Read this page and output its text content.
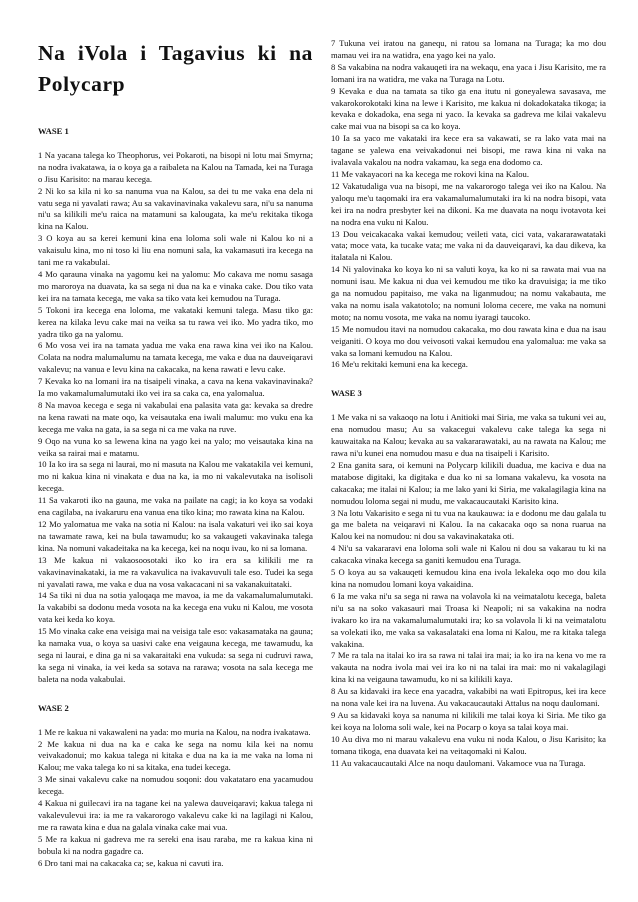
Na iVola i Tagavius ki na Polycarp
WASE 1

1 Na yacana talega ko Theophorus, vei Pokaroti, na bisopi ni lotu mai Smyrna; na nodra ivakatawa, ia o koya ga a raibaleta na Kalou na Tamada, kei na Turaga o Jisu Karisito: na marau kecega.

2 Ni ko sa kila ni ko sa nanuma vua na Kalou, sa dei tu me vaka ena dela ni vatu sega ni yavalati rawa; Au sa vakavinavinaka vakalevu sara, ni'u sa nanuma ni'u sa kilikili me'u raica na matamuni sa kalougata, ka me'u rekitaka tikoga kina na Kalou.

3 O koya au sa kerei kemuni kina ena loloma soli wale ni Kalou ko ni a vakaisulu kina, mo ni toso ki liu ena nomuni sala, ka vakamasuti ira kecega na tani me ra vakabulai.

4 Mo qarauna vinaka na yagomu kei na yalomu: Mo cakava me nomu sasaga mo maroroya na duavata, ka sa sega ni dua na ka e vinaka cake. Dou tiko vata kei ira na tamata kecega, me vaka sa tiko vata kei kemudou na Turaga.

5 Tokoni ira kecega ena loloma, me vakataki kemuni talega. Masu tiko ga: kerea na kilaka levu cake mai na veika sa tu rawa vei iko. Mo yadra tiko, mo yadra tiko ga na yalomu.

6 Mo vosa vei ira na tamata yadua me vaka ena rawa kina vei iko na Kalou. Colata na nodra malumalumu na tamata kecega, me vaka e dua na dauveiqaravi vakalevu; na vanua e levu kina na cakacaka, na kena rawati e levu cake.

7 Kevaka ko na lomani ira na tisaipeli vinaka, a cava na kena vakavinavinaka? Ia mo vakamalumalumutaki iko vei ira sa caka ca, ena yalomalua.

8 Na mavoa kecega e sega ni vakabulai ena palasita vata ga: kevaka sa dredre na kena rawati na mate oqo, ka veisautaka ena iwali malumu: mo vuku ena ka kecega me vaka na gata, ia sa sega ni ca me vaka na ruve.

9 Oqo na vuna ko sa lewena kina na yago kei na yalo; mo veisautaka kina na veika sa rairai mai e matamu.

10 Ia ko ira sa sega ni laurai, mo ni masuta na Kalou me vakatakila vei kemuni, mo ni kakua kina ni vinakata e dua na ka, ia mo ni vakalevutaka na isolisoli kecega.

11 Sa vakaroti iko na gauna, me vaka na pailate na cagi; ia ko koya sa vodaki ena cagilaba, na ivakaruru ena vanua ena tiko kina; mo rawata kina na Kalou.

12 Mo yalomatua me vaka na sotia ni Kalou: na isala vakaturi vei iko sai koya na tawamate rawa, kei na bula tawamudu; ko sa vakaugeti vakavinaka talega kina. Na nomuni vakadeitaka na ka kecega, kei na noqu ivau, ko ni sa lomana.

13 Me kakua ni vakaosoosotaki iko ko ira era sa kilikili me ra vakavinavinakataki, ia me ra vakavulica na ivakavuvuli tale eso. Tudei ka sega ni yavalati rawa, me vaka e dua na vosa vakacacani ni sa vakanakuitataki.

14 Sa tiki ni dua na sotia yaloqaqa me mavoa, ia me da vakamalumalumutaki. Ia vakabibi sa dodonu meda vosota na ka kecega ena vuku ni Kalou, me vosota vata kei keda ko koya.

15 Mo vinaka cake ena veisiga mai na veisiga tale eso: vakasamataka na gauna; ka namaka vua, o koya sa uasivi cake ena veigauna kecega, me tawamudu, ka sega ni laurai, e dina ga ni sa vakaraitaki ena vukuda: sa sega ni cudruvi rawa, ka sega ni vinaka, ia vei keda sa sotava na rarawa; vosota na sala kecega me baleta na noda vakabulai.

WASE 2

1 Me re kakua ni vakawaleni na yada: mo muria na Kalou, na nodra ivakatawa.

2 Me kakua ni dua na ka e caka ke sega na nomu kila kei na nomu veivakadonui; mo kakua talega ni kitaka e dua na ka ia me vaka na loma ni Kalou; me vaka talega ko ni sa kitaka, ena tudei kecega.

3 Me sinai vakalevu cake na nomudou soqoni: dou vakatataro ena yacamudou kecega.

4 Kakua ni guilecavi ira na tagane kei na yalewa dauveiqaravi; kakua talega ni vakalevulevui ira: ia me ra vakarorogo vakalevu cake ki na lagilagi ni Kalou, me ra rawata kina e dua na galala vinaka cake mai vua.

5 Me ra kakua ni gadreva me ra sereki ena isau raraba, me ra kakua kina ni bobula ki na nodra gagadre ca.

6 Dro tani mai na cakacaka ca; se, kakua ni cavuti ira.

7 Tukuna vei iratou na ganequ, ni ratou sa lomana na Turaga; ka mo dou mamau vei ira na watidra, ena yago kei na yalo.

8 Sa vakabina na nodra vakauqeti ira na wekaqu, ena yaca i Jisu Karisito, me ra lomani ira na watidra, me vaka na Turaga na Lotu.

9 Kevaka e dua na tamata sa tiko ga ena itutu ni goneyalewa savasava, me vakarokorokotaki kina na lewe i Karisito, me kakua ni dokadokataka tikoga; ia kevaka e dokadoka, ena sega ni yaco. Ia kevaka sa gadreva me kilai vakalevu cake mai vua na bisopi sa ca ko koya.

10 Ia sa yaco me vakataki ira kece era sa vakawati, se ra lako vata mai na tagane se yalewa ena veivakadonui nei bisopi, me rawa kina ni vaka na ivalavala vakalou na nodra vakamau, ka sega ena dodomo ca.

11 Me vakayacori na ka kecega me rokovi kina na Kalou.

12 Vakatudaliga vua na bisopi, me na vakarorogo talega vei iko na Kalou. Na yaloqu me'u taqomaki ira era vakamalumalumutaki ira ki na nodra bisopi, vata kei ira na nodra presbyter kei na dikoni. Ka me duavata na noqu ivotavota kei na nodra ena vuku ni Kalou.

13 Dou veicakacaka vakai kemudou; veileti vata, cici vata, vakararawatataki vata; moce vata, ka tucake vata; me vaka ni da dauveiqaravi, ka dau dikeva, ka italatala ni Kalou.

14 Ni yalovinaka ko koya ko ni sa valuti koya, ka ko ni sa rawata mai vua na nomuni isau. Me kakua ni dua vei kemudou me tiko ka dravuisiga; ia me tiko ga na nomudou papitaiso, me vaka na liganmudou; na nomu vakabauta, me vaka na nomu isala vakatotolo; na nomuni loloma cecere, me vaka na nomuni moto; na nomu vosota, me vaka na nomu iyaragi taucoko.

15 Me nomudou itavi na nomudou cakacaka, mo dou rawata kina e dua na isau veiganiti. O koya mo dou veivosoti vakai kemudou ena yalomalua: me vaka sa vaka sa lomani kemudou na Kalou.

16 Me'u rekitaki kemuni ena ka kecega.

WASE 3

1 Me vaka ni sa vakaoqo na lotu i Anitioki mai Siria, me vaka sa tukuni vei au, ena nomudou masu; Au sa vakacegui vakalevu cake talega ka sega ni kauwaitaka na Kalou; kevaka au sa vakararawataki, au na rawata na Kalou; me rawa ni'u kunei ena nomudou masu e dua na tisaipeli i Karisito.

2 Ena ganita sara, oi kemuni na Polycarp kilikili duadua, me kaciva e dua na matabose digitaki, ka digitaka e dua ko ni sa lomana vakalevu, ka vosota na cakacaka; me italai ni Kalou; ia me lako yani ki Siria, me vakalagilagia kina na nomudou loloma segai ni mudu, me vakacaucautaki Karisito kina.

3 Na lotu Vakarisito e sega ni tu vua na kaukauwa: ia e dodonu me dau galala tu ga me baleta na veiqaravi ni Kalou. Ia na cakacaka oqo sa nona ruarua na Kalou kei na nomudou: ni dou sa vakavinakataka oti.

4 Ni'u sa vakararavi ena loloma soli wale ni Kalou ni dou sa vakarau tu ki na cakacaka vinaka kecega sa ganiti kemudou ena Turaga.

5 O koya au sa vakauqeti kemudou kina ena ivola lekaleka oqo mo dou kila kina na nomudou lomani koya vakaidina.

6 Ia me vaka ni'u sa sega ni rawa na volavola ki na veimatalotu kecega, baleta ni'u sa na soko vakasauri mai Troasa ki Neapoli; ni sa vakakina na nodra ivakaro ko ira na vakamalumalumutaki ira; ko sa volavola li ki na veimatalotu sa volekati iko, me vaka sa vakasalataki ena loma ni Kalou, me ra kitaka talega vakakina.

7 Me ra tala na italai ko ira sa rawa ni talai ira mai; ia ko ira na kena vo me ra vakauta na nodra ivola mai vei ira ko ni na talai ira mai: mo ni vakalagilagi kina ki na veigauna tawamudu, ko ni sa kilikili kaya.

8 Au sa kidavaki ira kece ena yacadra, vakabibi na wati Epitropus, kei ira kece na nona vale kei ira na luvena. Au vakacaucautaki Attalus na noqu daulomani.

9 Au sa kidavaki koya sa nanuma ni kilikili me talai koya ki Siria. Me tiko ga kei koya na loloma soli wale, kei na Pocarp o koya sa talai koya mai.

10 Au diva mo ni marau vakalevu ena vuku ni noda Kalou, o Jisu Karisito; ka tomana tikoga, ena duavata kei na veitaqomaki ni Kalou.

11 Au vakacaucautaki Alce na noqu daulomani. Vakamoce vua na Turaga.
